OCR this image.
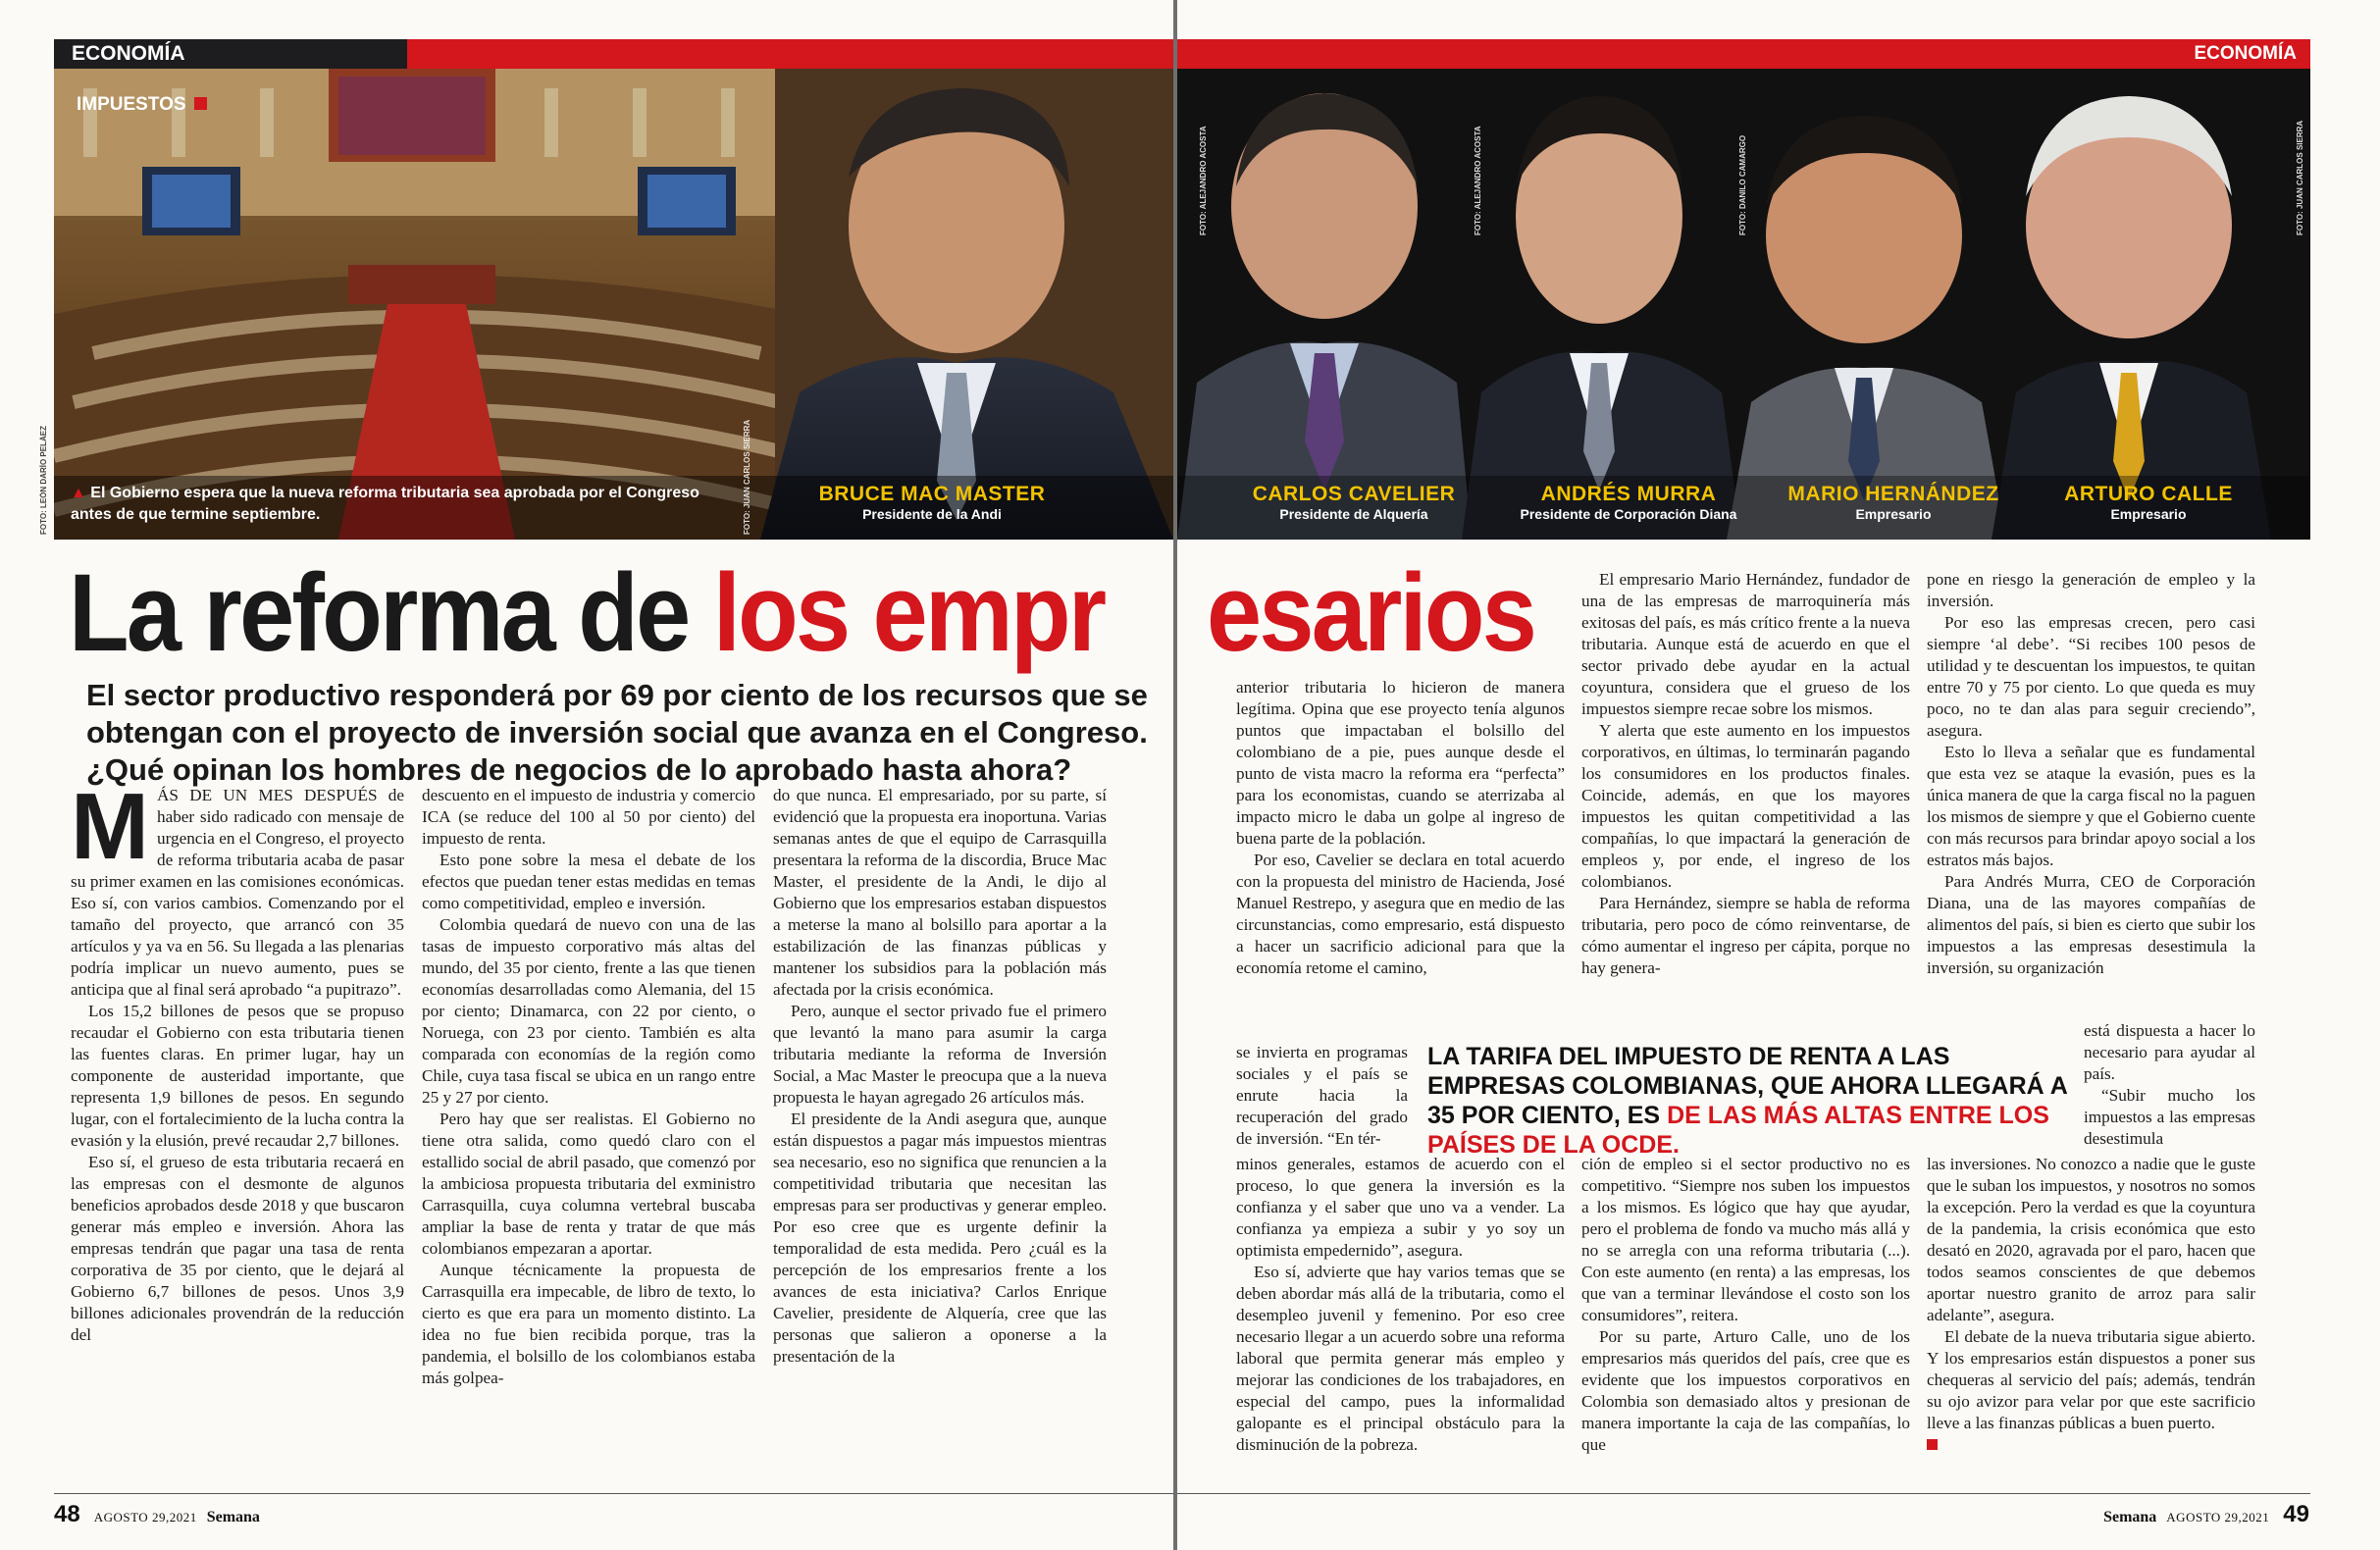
ECONOMÍA
IMPUESTOS
FOTO: LEÓN DARÍO PELÁEZ	FOTO: JUAN CARLOS SIERRA
▲ El Gobierno espera que la nueva reforma tributaria sea aprobada por el Congreso antes de que termine septiembre.
BRUCE MAC MASTER
Presidente de la Andi
La reforma de los empr
El sector productivo responderá por 69 por ciento de los recursos que se obtengan con el proyecto de inversión social que avanza en el Congreso. ¿Qué opinan los hombres de negocios de lo aprobado hasta ahora?
M ÁS DE UN MES DESPUÉS de haber sido radicado con mensaje de urgencia en el Congreso, el proyecto de reforma tributaria acaba de pasar su primer examen en las comisiones económicas. Eso sí, con varios cambios. Comenzando por el tamaño del proyecto, que arrancó con 35 artículos y ya va en 56. Su llegada a las plenarias podría implicar un nuevo aumento, pues se anticipa que al final será aprobado “a pupitrazo”.

Los 15,2 billones de pesos que se propuso recaudar el Gobierno con esta tributaria tienen las fuentes claras. En primer lugar, hay un componente de austeridad importante, que representa 1,9 billones de pesos. En segundo lugar, con el fortalecimiento de la lucha contra la evasión y la elusión, prevé recaudar 2,7 billones.

Eso sí, el grueso de esta tributaria recaerá en las empresas con el desmonte de algunos beneficios aprobados desde 2018 y que buscaron generar más empleo e inversión. Ahora las empresas tendrán que pagar una tasa de renta corporativa de 35 por ciento, que le dejará al Gobierno 6,7 billones de pesos. Unos 3,9 billones adicionales provendrán de la reducción del

descuento en el impuesto de industria y comercio ICA (se reduce del 100 al 50 por ciento) del impuesto de renta.

Esto pone sobre la mesa el debate de los efectos que puedan tener estas medidas en temas como competitividad, empleo e inversión.

Colombia quedará de nuevo con una de las tasas de impuesto corporativo más altas del mundo, del 35 por ciento, frente a las que tienen economías desarrolladas como Alemania, del 15 por ciento; Dinamarca, con 22 por ciento, o Noruega, con 23 por ciento. También es alta comparada con economías de la región como Chile, cuya tasa fiscal se ubica en un rango entre 25 y 27 por ciento.

Pero hay que ser realistas. El Gobierno no tiene otra salida, como quedó claro con el estallido social de abril pasado, que comenzó por la ambiciosa propuesta tributaria del exministro Carrasquilla, cuya columna vertebral buscaba ampliar la base de renta y tratar de que más colombianos empezaran a aportar.

Aunque técnicamente la propuesta de Carrasquilla era impecable, de libro de texto, lo cierto es que era para un momento distinto. La idea no fue bien recibida porque, tras la pandemia, el bolsillo de los colombianos estaba más golpea-

do que nunca. El empresariado, por su parte, sí evidenció que la propuesta era inoportuna. Varias semanas antes de que el equipo de Carrasquilla presentara la reforma de la discordia, Bruce Mac Master, el presidente de la Andi, le dijo al Gobierno que los empresarios estaban dispuestos a meterse la mano al bolsillo para aportar a la estabilización de las finanzas públicas y mantener los subsidios para la población más afectada por la crisis económica.

Pero, aunque el sector privado fue el primero que levantó la mano para asumir la carga tributaria mediante la reforma de Inversión Social, a Mac Master le preocupa que a la nueva propuesta le hayan agregado 26 artículos más.

El presidente de la Andi asegura que, aunque están dispuestos a pagar más impuestos mientras sea necesario, eso no significa que renuncien a la competitividad tributaria que necesitan las empresas para ser productivas y generar empleo. Por eso cree que es urgente definir la temporalidad de esta medida. Pero ¿cuál es la percepción de los empresarios frente a los avances de esta iniciativa? Carlos Enrique Cavelier, presidente de Alquería, cree que las personas que salieron a oponerse a la presentación de la

48 AGOSTO 29,2021 Semana
ECONOMÍA
FOTO: ALEJANDRO ACOSTA	FOTO: ALEJANDRO ACOSTA	FOTO: DANILO CAMARGO	FOTO: JUAN CARLOS SIERRA
CARLOS CAVELIER
Presidente de Alquería
ANDRÉS MURRA
Presidente de Corporación Diana
MARIO HERNÁNDEZ
Empresario
ARTURO CALLE
Empresario
esarios

anterior tributaria lo hicieron de manera legítima. Opina que ese proyecto tenía algunos puntos que impactaban el bolsillo del colombiano de a pie, pues aunque desde el punto de vista macro la reforma era “perfecta” para los economistas, cuando se aterrizaba al impacto micro le daba un golpe al ingreso de buena parte de la población.

Por eso, Cavelier se declara en total acuerdo con la propuesta del ministro de Hacienda, José Manuel Restrepo, y asegura que en medio de las circunstancias, como empresario, está dispuesto a hacer un sacrificio adicional para que la economía retome el camino,

se invierta en programas sociales y el país se enrute hacia la recuperación del grado de inversión. “En tér-

minos generales, estamos de acuerdo con el proceso, lo que genera la inversión es la confianza y el saber que uno va a vender. La confianza ya empieza a subir y yo soy un optimista empedernido”, asegura.

Eso sí, advierte que hay varios temas que se deben abordar más allá de la tributaria, como el desempleo juvenil y femenino. Por eso cree necesario llegar a un acuerdo sobre una reforma laboral que permita generar más empleo y mejorar las condiciones de los trabajadores, en especial del campo, pues la informalidad galopante es el principal obstáculo para la disminución de la pobreza.

El empresario Mario Hernández, fundador de una de las empresas de marroquinería más exitosas del país, es más crítico frente a la nueva tributaria. Aunque está de acuerdo en que el sector privado debe ayudar en la actual coyuntura, considera que el grueso de los impuestos siempre recae sobre los mismos.

Y alerta que este aumento en los impuestos corporativos, en últimas, lo terminarán pagando los consumidores en los productos finales. Coincide, además, en que los mayores impuestos les quitan competitividad a las compañías, lo que impactará la generación de empleos y, por ende, el ingreso de los colombianos.

Para Hernández, siempre se habla de reforma tributaria, pero poco de cómo reinventarse, de cómo aumentar el ingreso per cápita, porque no hay genera-

ción de empleo si el sector productivo no es competitivo. “Siempre nos suben los impuestos a los mismos. Es lógico que hay que ayudar, pero el problema de fondo va mucho más allá y no se arregla con una reforma tributaria (...). Con este aumento (en renta) a las empresas, los que van a terminar llevándose el costo son los consumidores”, reitera.

Por su parte, Arturo Calle, uno de los empresarios más queridos del país, cree que es evidente que los impuestos corporativos en Colombia son demasiado altos y presionan de manera importante la caja de las compañías, lo que

pone en riesgo la generación de empleo y la inversión.

Por eso las empresas crecen, pero casi siempre ‘al debe’. “Si recibes 100 pesos de utilidad y te descuentan los impuestos, te quitan entre 70 y 75 por ciento. Lo que queda es muy poco, no te dan alas para seguir creciendo”, asegura.

Esto lo lleva a señalar que es fundamental que esta vez se ataque la evasión, pues es la única manera de que la carga fiscal no la paguen los mismos de siempre y que el Gobierno cuente con más recursos para brindar apoyo social a los estratos más bajos.

Para Andrés Murra, CEO de Corporación Diana, una de las mayores compañías de alimentos del país, si bien es cierto que subir los impuestos a las empresas desestimula la inversión, su organización

está dispuesta a hacer lo necesario para ayudar al país.

“Subir mucho los impuestos a las empresas desestimula

las inversiones. No conozco a nadie que le guste que le suban los impuestos, y nosotros no somos la excepción. Pero la verdad es que la coyuntura de la pandemia, la crisis económica que esto desató en 2020, agravada por el paro, hacen que todos seamos conscientes de que debemos aportar nuestro granito de arroz para salir adelante”, asegura.

El debate de la nueva tributaria sigue abierto. Y los empresarios están dispuestos a poner sus chequeras al servicio del país; además, tendrán su ojo avizor para velar por que este sacrificio lleve a las finanzas públicas a buen puerto.

LA TARIFA DEL IMPUESTO DE RENTA A LAS EMPRESAS COLOMBIANAS, QUE AHORA LLEGARÁ A 35 POR CIENTO, ES DE LAS MÁS ALTAS ENTRE LOS PAÍSES DE LA OCDE.
Semana AGOSTO 29,2021 49
